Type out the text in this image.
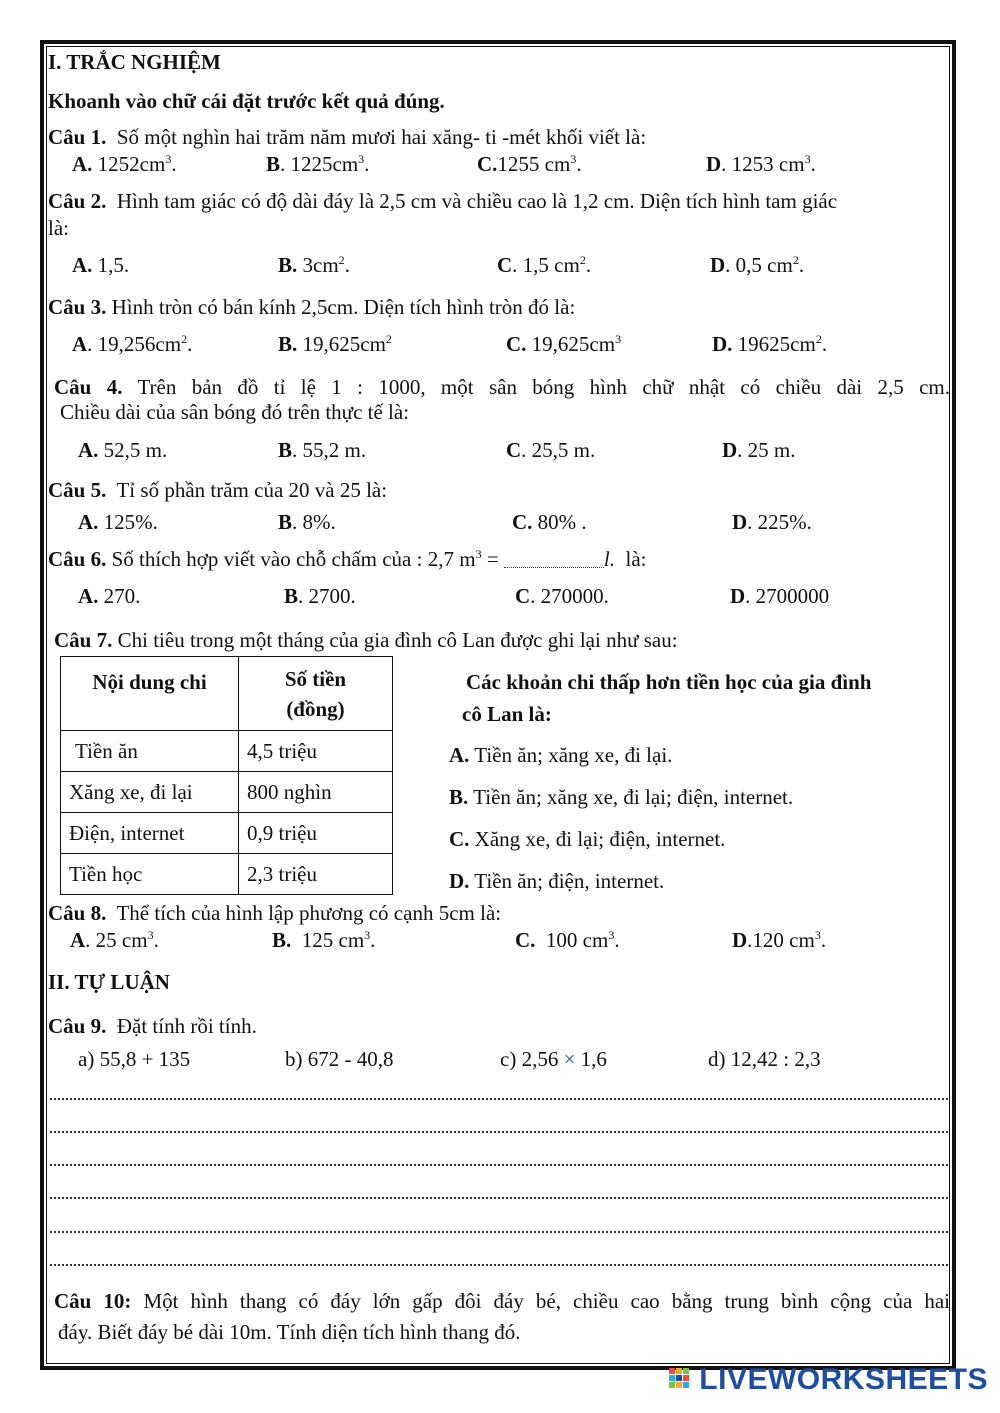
I. TRẮC NGHIỆM
Khoanh vào chữ cái đặt trước kết quả đúng.
Câu 1. Số một nghìn hai trăm năm mươi hai xăng- ti -mét khối viết là:
A. $1252cm^3$.	B. $1225cm^3$.	C.1255 $cm^3$.	D. 1253 $cm^3$.
Câu 2. Hình tam giác có độ dài đáy là 2,5 cm và chiều cao là 1,2 cm. Diện tích hình tam giác
là:
A. 1,5.	B. $3cm^2$.	C. 1,5 $cm^2$.	D. 0,5 $cm^2$.
Câu 3. Hình tròn có bán kính 2,5cm. Diện tích hình tròn đó là:
A. $19,256cm^2$.	B. $19,625cm^2$	C. $19,625cm^3$	D. $19625cm^2$.
Câu 4. Trên bản đồ tỉ lệ 1 : 1000, một sân bóng hình chữ nhật có chiều dài 2,5 cm.
Chiều dài của sân bóng đó trên thực tế là:
A. 52,5 m.	B. 55,2 m.	C. 25,5 m.	D. 25 m.
Câu 5. Tỉ số phần trăm của 20 và 25 là:
A. 125%.	B. 8%.	C. 80% .	D. 225%.
Câu 6. Số thích hợp viết vào chỗ chấm của : 2,7 $m^3$ =	l. là:
A. 270.	B. 2700.	C. 270000.	D. 2700000
Câu 7. Chi tiêu trong một tháng của gia đình cô Lan được ghi lại như sau:
Nội dung chi	Số tiền
(đồng)
Tiền ăn	4,5 triệu
Xăng xe, đi lại	800 nghìn
Điện, internet	0,9 triệu
Tiền học	2,3 triệu
Các khoản chi thấp hơn tiền học của gia đình
cô Lan là:
A. Tiền ăn; xăng xe, đi lại.
B. Tiền ăn; xăng xe, đi lại; điện, internet.
C. Xăng xe, đi lại; điện, internet.
D. Tiền ăn; điện, internet.
Câu 8. Thể tích của hình lập phương có cạnh 5cm là:
A. 25 $cm^3$.	B. 125 $cm^3$.	C. 100 $cm^3$.	D.120 $cm^3$.
II. TỰ LUẬN
Câu 9. Đặt tính rồi tính.
a) 55,8 + 135	b) 672 - 40,8	c) 2,56 × 1,6	d) 12,42 : 2,3
Câu 10: Một hình thang có đáy lớn gấp đôi đáy bé, chiều cao bằng trung bình cộng của hai
đáy. Biết đáy bé dài 10m. Tính diện tích hình thang đó.
LIVEWORKSHEETS
